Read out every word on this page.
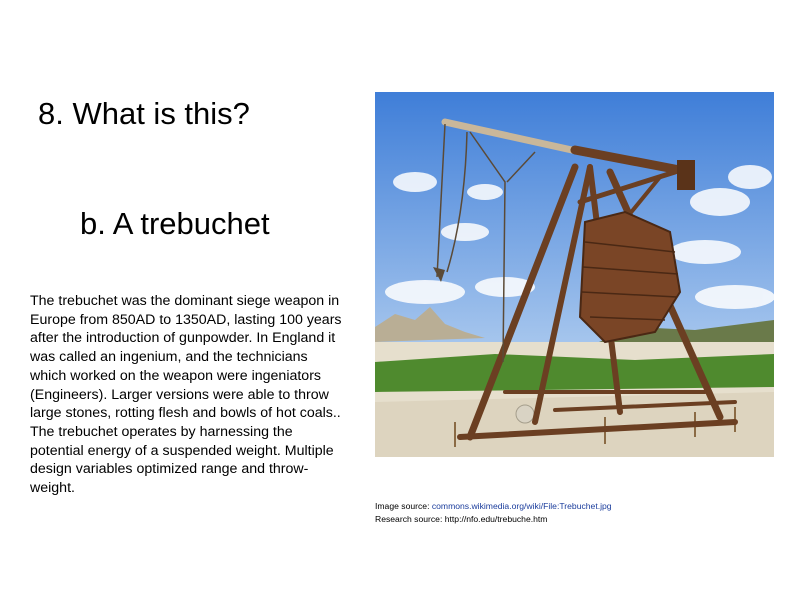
8. What is this?
b. A trebuchet

The trebuchet was the dominant siege weapon in Europe from 850AD to 1350AD, lasting 100 years after the introduction of gunpowder. In England it was called an ingenium, and the technicians which worked on the weapon were ingeniators (Engineers). Larger versions were able to throw large stones, rotting flesh and bowls of hot coals..

The trebuchet operates by harnessing the potential energy of a suspended weight. Multiple design variables optimized range and throw-weight.

Image source: commons.wikimedia.org/wiki/File:Trebuchet.jpg
Research source: http://nfo.edu/trebuche.htm
